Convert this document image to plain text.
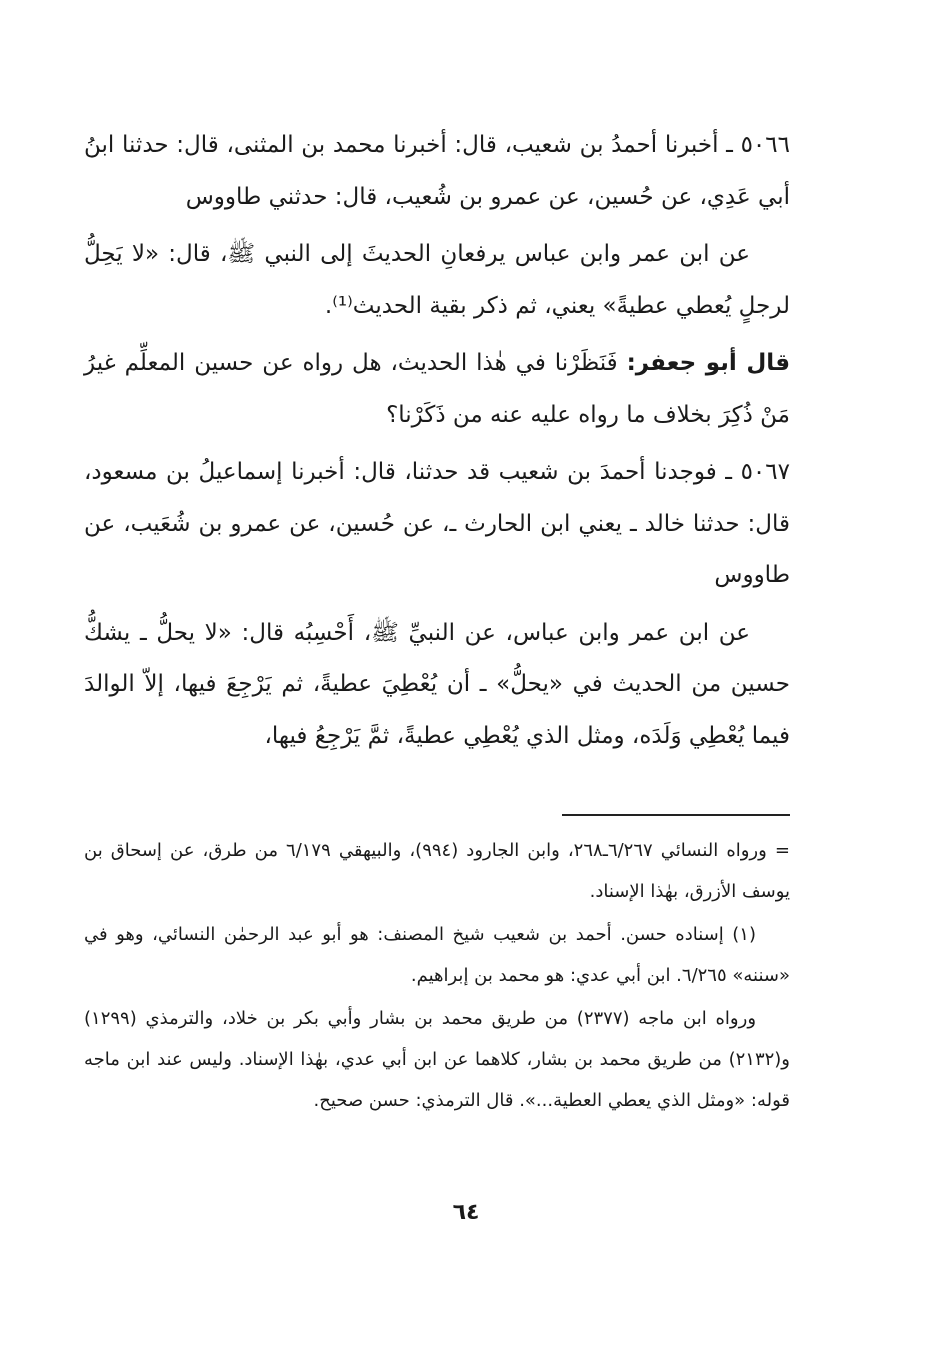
٥٠٦٦ ـ أخبرنا أحمدُ بن شعيب، قال: أخبرنا محمد بن المثنى، قال: حدثنا ابنُ أبي عَدِي، عن حُسين، عن عمرو بن شُعيب، قال: حدثني طاووس

عن ابن عمر وابن عباس يرفعانِ الحديثَ إلى النبي ﷺ، قال: «لا يَحِلُّ لرجلٍ يُعطي عطيةً» يعني، ثم ذكر بقية الحديث⁽¹⁾.

قال أبو جعفر: فَنَظَرْنا في هٰذا الحديث، هل رواه عن حسين المعلِّم غيرُ مَنْ ذُكِرَ بخلاف ما رواه عليه عنه من ذَكَرْنا؟

٥٠٦٧ ـ فوجدنا أحمدَ بن شعيب قد حدثنا، قال: أخبرنا إسماعيلُ بن مسعود، قال: حدثنا خالد ـ يعني ابن الحارث ـ، عن حُسين، عن عمرو بن شُعَيب، عن طاووس

عن ابن عمر وابن عباس، عن النبيِّ ﷺ، أَحْسِبُه قال: «لا يحلُّ ـ يشكُّ حسين من الحديث في «يحلُّ» ـ أن يُعْطِيَ عطيةً، ثم يَرْجِعَ فيها، إلاّ الوالدَ فيما يُعْطِي وَلَدَه، ومثل الذي يُعْطِي عطيةً، ثمَّ يَرْجِعُ فيها،

= ورواه النسائي ٦/٢٦٧ـ٢٦٨، وابن الجارود (٩٩٤)، والبيهقي ٦/١٧٩ من طرق، عن إسحاق بن يوسف الأزرق، بهٰذا الإسناد.

(١) إسناده حسن. أحمد بن شعيب شيخ المصنف: هو أبو عبد الرحمٰن النسائي، وهو في «سننه» ٦/٢٦٥. ابن أبي عدي: هو محمد بن إبراهيم.

ورواه ابن ماجه (٢٣٧٧) من طريق محمد بن بشار وأبي بكر بن خلاد، والترمذي (١٢٩٩) و(٢١٣٢) من طريق محمد بن بشار، كلاهما عن ابن أبي عدي، بهٰذا الإسناد. وليس عند ابن ماجه قوله: «ومثل الذي يعطي العطية...». قال الترمذي: حسن صحيح.

٦٤
